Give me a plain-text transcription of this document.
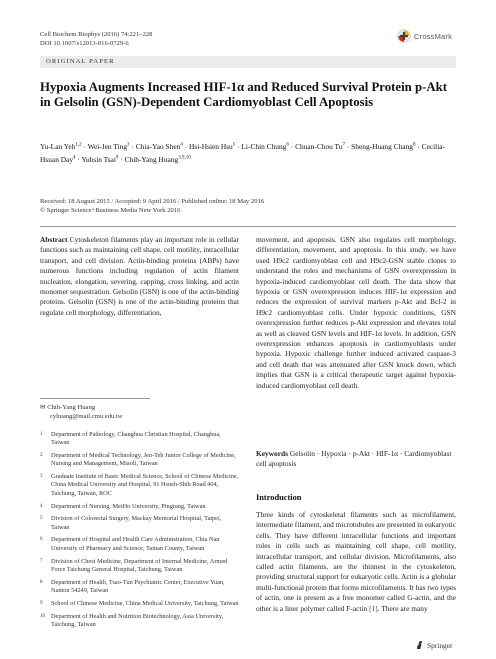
Cell Biochem Biophys (2016) 74:221–228
DOI 10.1007/s12013-016-0729-6
CrossMark
ORIGINAL PAPER
Hypoxia Augments Increased HIF-1α and Reduced Survival Protein p-Akt in Gelsolin (GSN)-Dependent Cardiomyoblast Cell Apoptosis
Yu-Lan Yeh$^{1,2}$ · Wei-Jen Ting$^3$ · Chia-Yao Shen$^4$ · Hsi-Hsien Hsu$^5$ · Li-Chin Chung$^6$ · Chuan-Chou $Tu^7$ · Sheng-Huang Chang$^8$ · Cecilia-Hsuan Day$^4$ · Yuhsin Tsai$^9$ · Chih-Yang Huang$^{3,9,10}$
Received: 18 August 2015 / Accepted: 9 April 2016 / Published online: 18 May 2016
© Springer Science+Business Media New York 2016
Abstract Cytoskeleton filaments play an important role in cellular functions such as maintaining cell shape, cell motility, intracellular transport, and cell division. Actin-binding proteins (ABPs) have numerous functions including regulation of actin filament nucleation, elongation, severing, capping, cross linking, and actin monomer sequestration. Gelsolin (GSN) is one of the actin-binding proteins. Gelsolin (GSN) is one of the actin-binding proteins that regulate cell morphology, differentiation,
✉ Chih-Yang Huang
cyhuang@mail.cmu.edu.tw
1	Department of Pathology, Changhua Christian Hospital, Changhua, Taiwan
2	Department of Medical Technology, Jen-Teh Junior College of Medicine, Nursing and Management, Miaoli, Taiwan
3	Graduate Institute of Basic Medical Science, School of Chinese Medicine, China Medical University and Hospital, 91 Hsueh-Shih Road 404, Taichung, Taiwan, ROC
4	Department of Nursing, MeiHo University, Pingtung, Taiwan
5	Division of Colorectal Surgery, Mackay Memorial Hospital, Taipei, Taiwan
6	Department of Hospital and Health Care Administration, Chia Nan University of Pharmacy and Science, Tainan County, Taiwan
7	Division of Chest Medicine, Department of Internal Medicine, Armed Force Taichung General Hospital, Taichung, Taiwan
8	Department of Health, Tsao-Tun Psychiatric Center, Executive Yuan, Nantou 54249, Taiwan
9	School of Chinese Medicine, China Medical University, Taichung, Taiwan
10 Department of Health and Nutrition Biotechnology, Asia University, Taichung, Taiwan
movement, and apoptosis. GSN also regulates cell morphology, differentiation, movement, and apoptosis. In this study, we have used H9c2 cardiomyoblast cell and H9c2-GSN stable clones to understand the roles and mechanisms of GSN overexpression in hypoxia-induced cardiomyoblast cell death. The data show that hypoxia or GSN overexpression induces HIF-1α expression and reduces the expression of survival markers p-Akt and Bcl-2 in H9c2 cardiomyoblast cells. Under hypoxic conditions, GSN overexpression further reduces p-Akt expression and elevates total as well as cleaved GSN levels and HIF-1α levels. In addition, GSN overexpression enhances apoptosis in cardiomyoblasts under hypoxia. Hypoxic challenge further induced activated caspase-3 and cell death that was attenuated after GSN knock down, which implies that GSN is a critical therapeutic target against hypoxia-induced cardiomyoblast cell death.
Keywords Gelsolin · Hypoxia · p-Akt · HIF-1α · Cardiomyoblast cell apoptosis
Introduction
Three kinds of cytoskeletal filaments such as microfilament, intermediate filament, and microtubules are presented in eukaryotic cells. They have different intracellular functions and important roles in cells such as maintaining cell shape, cell motility, intracellular transport, and cellular division. Microfilaments, also called actin filaments, are the thinnest in the cytoskeleton, providing structural support for eukaryotic cells. Actin is a globular multi-functional protein that forms microfilaments. It has two types of actin, one is present as a free monomer called G-actin, and the other is a liner polymer called F-actin [1]. There are many
Springer
